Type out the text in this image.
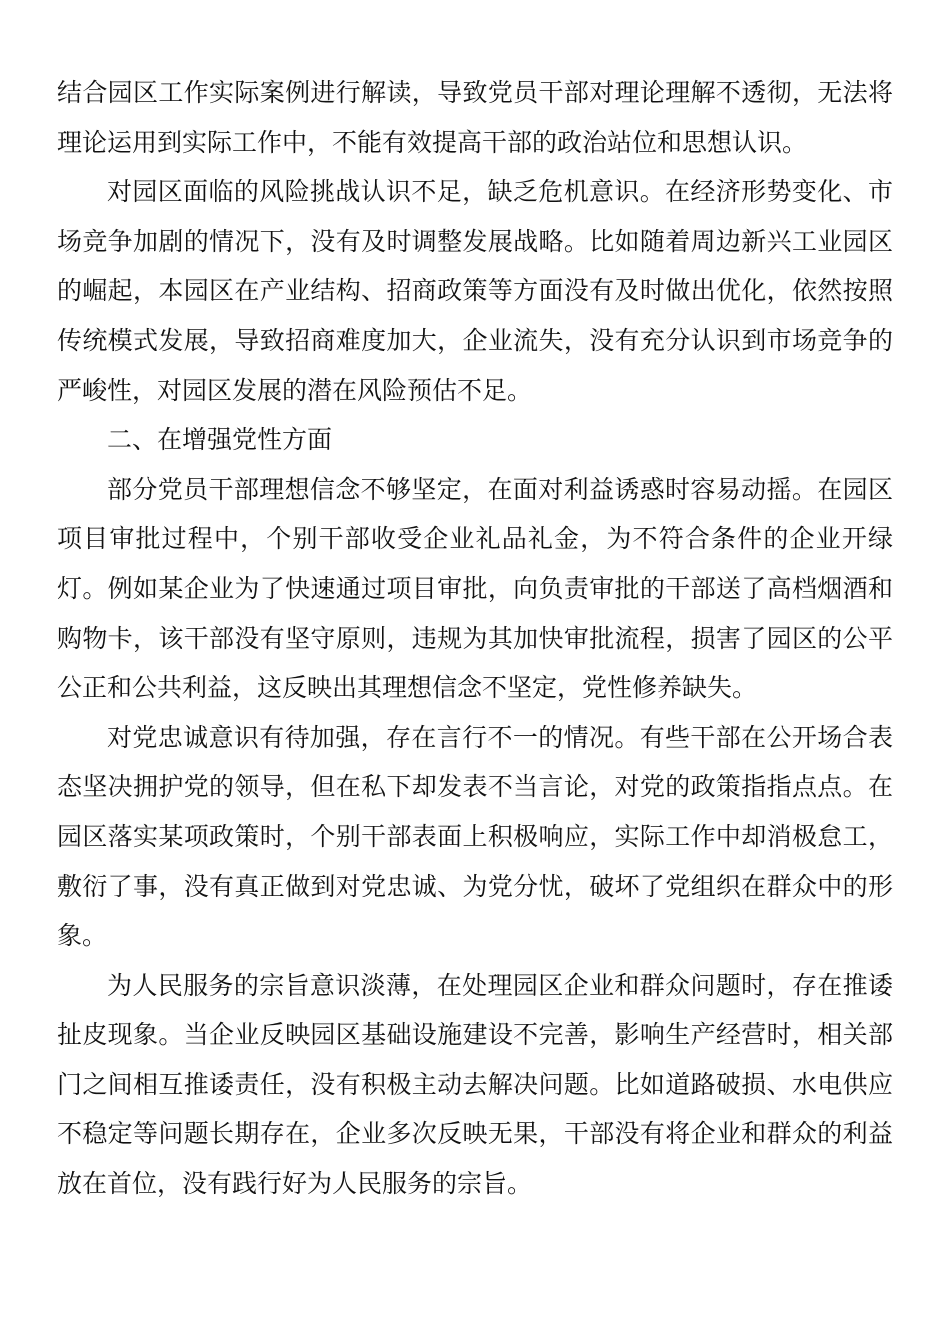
结合园区工作实际案例进行解读，导致党员干部对理论理解不透彻，无法将理论运用到实际工作中，不能有效提高干部的政治站位和思想认识。

对园区面临的风险挑战认识不足，缺乏危机意识。在经济形势变化、市场竞争加剧的情况下，没有及时调整发展战略。比如随着周边新兴工业园区的崛起，本园区在产业结构、招商政策等方面没有及时做出优化，依然按照传统模式发展，导致招商难度加大，企业流失，没有充分认识到市场竞争的严峻性，对园区发展的潜在风险预估不足。

二、在增强党性方面

部分党员干部理想信念不够坚定，在面对利益诱惑时容易动摇。在园区项目审批过程中，个别干部收受企业礼品礼金，为不符合条件的企业开绿灯。例如某企业为了快速通过项目审批，向负责审批的干部送了高档烟酒和购物卡，该干部没有坚守原则，违规为其加快审批流程，损害了园区的公平公正和公共利益，这反映出其理想信念不坚定，党性修养缺失。

对党忠诚意识有待加强，存在言行不一的情况。有些干部在公开场合表态坚决拥护党的领导，但在私下却发表不当言论，对党的政策指指点点。在园区落实某项政策时，个别干部表面上积极响应，实际工作中却消极怠工，敷衍了事，没有真正做到对党忠诚、为党分忧，破坏了党组织在群众中的形象。

为人民服务的宗旨意识淡薄，在处理园区企业和群众问题时，存在推诿扯皮现象。当企业反映园区基础设施建设不完善，影响生产经营时，相关部门之间相互推诿责任，没有积极主动去解决问题。比如道路破损、水电供应不稳定等问题长期存在，企业多次反映无果，干部没有将企业和群众的利益放在首位，没有践行好为人民服务的宗旨。
